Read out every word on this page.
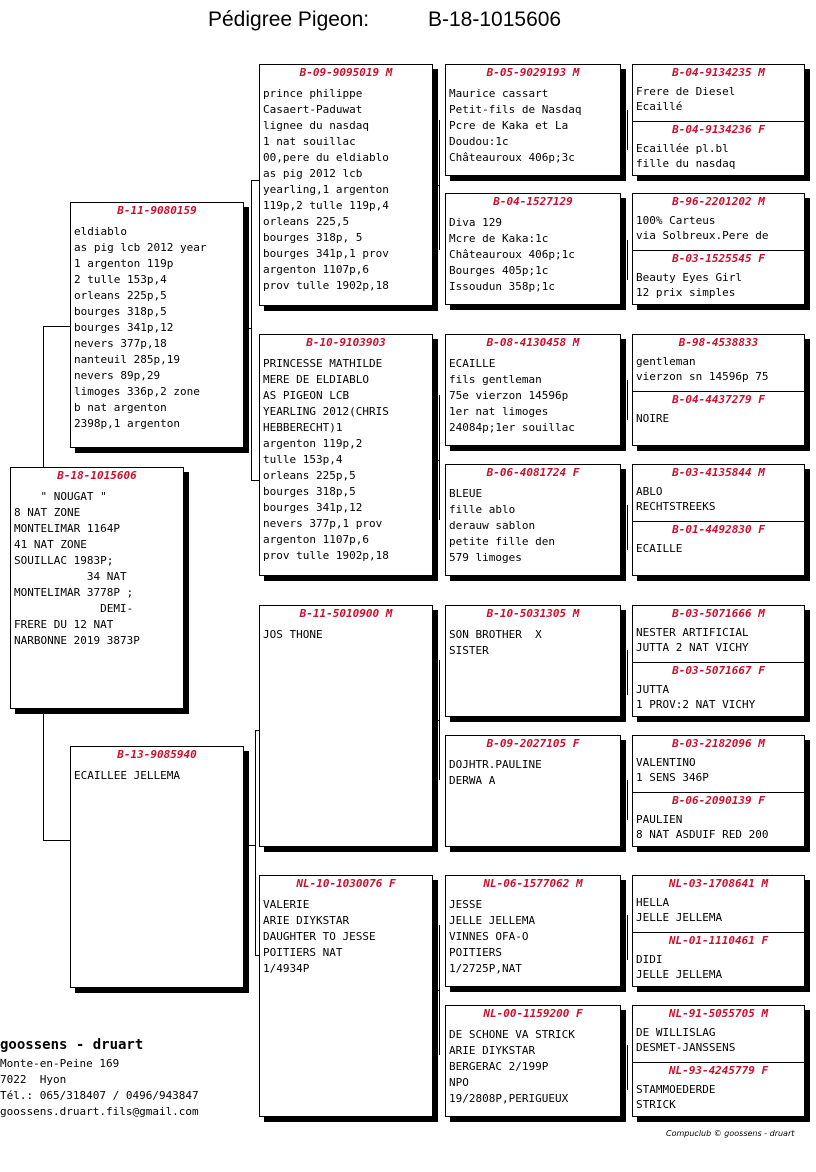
Pédigree Pigeon:	B-18-1015606
B-18-1015606
" NOUGAT "
8 NAT ZONE
MONTELIMAR 1164P
41 NAT ZONE
SOUILLAC 1983P;
34 NAT
MONTELIMAR 3778P ;
DEMI-
FRERE DU 12 NAT
NARBONNE 2019 3873P
B-11-9080159
eldiablo
as pig lcb 2012 year
1 argenton 119p
2 tulle 153p,4
orleans 225p,5
bourges 318p,5
bourges 341p,12
nevers 377p,18
nanteuil 285p,19
nevers 89p,29
limoges 336p,2 zone
b nat argenton
2398p,1 argenton
B-13-9085940
ECAILLEE JELLEMA
B-09-9095019 M
prince philippe
Casaert-Paduwat
lignee du nasdaq
1 nat souillac
00,pere du eldiablo
as pig 2012 lcb
yearling,1 argenton
119p,2 tulle 119p,4
orleans 225,5
bourges 318p, 5
bourges 341p,1 prov
argenton 1107p,6
prov tulle 1902p,18
B-10-9103903
PRINCESSE MATHILDE
MERE DE ELDIABLO
AS PIGEON LCB
YEARLING 2012(CHRIS
HEBBERECHT)1
argenton 119p,2
tulle 153p,4
orleans 225p,5
bourges 318p,5
bourges 341p,12
nevers 377p,1 prov
argenton 1107p,6
prov tulle 1902p,18
B-11-5010900 M
JOS THONE
NL-10-1030076 F
VALERIE
ARIE DIYKSTAR
DAUGHTER TO JESSE
POITIERS NAT
1/4934P
B-05-9029193 M
Maurice cassart
Petit-fils de Nasdaq
Pcre de Kaka et La
Doudou:1c
Châteauroux 406p;3c
B-04-1527129
Diva 129
Mcre de Kaka:1c
Châteauroux 406p;1c
Bourges 405p;1c
Issoudun 358p;1c
B-08-4130458 M
ECAILLE
fils gentleman
75e vierzon 14596p
1er nat limoges
24084p;1er souillac
B-06-4081724 F
BLEUE
fille ablo
derauw sablon
petite fille den
579 limoges
B-10-5031305 M
SON BROTHER  X
SISTER
B-09-2027105 F
DOJHTR.PAULINE
DERWA A
NL-06-1577062 M
JESSE
JELLE JELLEMA
VINNES OFA-O
POITIERS
1/2725P,NAT
NL-00-1159200 F
DE SCHONE VA STRICK
ARIE DIYKSTAR
BERGERAC 2/199P
NPO
19/2808P,PERIGUEUX
B-04-9134235 M
Frere de Diesel
Ecaillé
B-04-9134236 F
Ecaillée pl.bl
fille du nasdaq
B-96-2201202 M
100% Carteus
via Solbreux.Pere de
B-03-1525545 F
Beauty Eyes Girl
12 prix simples
B-98-4538833
gentleman
vierzon sn 14596p 75
B-04-4437279 F
NOIRE
B-03-4135844 M
ABLO
RECHTSTREEKS
B-01-4492830 F
ECAILLE
B-03-5071666 M
NESTER ARTIFICIAL
JUTTA 2 NAT VICHY
B-03-5071667 F
JUTTA
1 PROV:2 NAT VICHY
B-03-2182096 M
VALENTINO
1 SENS 346P
B-06-2090139 F
PAULIEN
8 NAT ASDUIF RED 200
NL-03-1708641 M
HELLA
JELLE JELLEMA
NL-01-1110461 F
DIDI
JELLE JELLEMA
NL-91-5055705 M
DE WILLISLAG
DESMET-JANSSENS
NL-93-4245779 F
STAMMOEDERDE
STRICK
goossens - druart
Monte-en-Peine 169
7022  Hyon
Tél.: 065/318407 / 0496/943847
goossens.druart.fils@gmail.com
Compuclub © goossens - druart
